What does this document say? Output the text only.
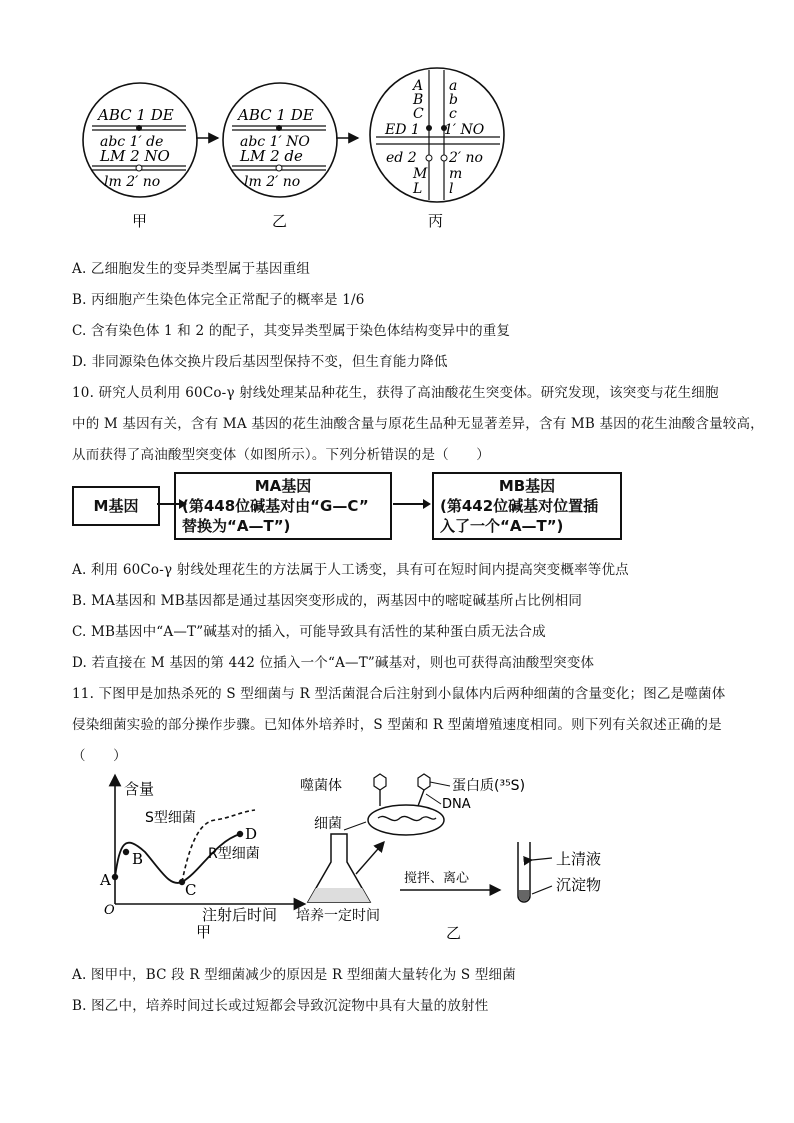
ABC 1 DE
abc 1′ de
LM 2 NO
lm 2′ no
ABC 1 DE
abc 1′ NO
LM 2 de
lm 2′ no
A
B
C
a
b
c
ED 1 1′ NO
ed 2 2′ no
M
L
m
l
甲	乙	丙
A. 乙细胞发生的变异类型属于基因重组
B. 丙细胞产生染色体完全正常配子的概率是 1/6
C. 含有染色体 1 和 2 的配子，其变异类型属于染色体结构变异中的重复
D. 非同源染色体交换片段后基因型保持不变，但生育能力降低
10. 研究人员利用 60Co-γ 射线处理某品种花生，获得了高油酸花生突变体。研究发现，该突变与花生细胞
中的 M 基因有关，含有 MA 基因的花生油酸含量与原花生品种无显著差异，含有 MB 基因的花生油酸含量较高，
从而获得了高油酸型突变体（如图所示）。下列分析错误的是（　　）
M基因
MA基因
(第448位碱基对由“G—C”
替换为“A—T”)
MB基因
(第442位碱基对位置插
入了一个“A—T”)
A. 利用 60Co-γ 射线处理花生的方法属于人工诱变，具有可在短时间内提高突变概率等优点
B. MA基因和 MB基因都是通过基因突变形成的，两基因中的嘧啶碱基所占比例相同
C. MB基因中“A—T”碱基对的插入，可能导致具有活性的某种蛋白质无法合成
D. 若直接在 M 基因的第 442 位插入一个“A—T”碱基对，则也可获得高油酸型突变体
11. 下图甲是加热杀死的 S 型细菌与 R 型活菌混合后注射到小鼠体内后两种细菌的含量变化；图乙是噬菌体
侵染细菌实验的部分操作步骤。已知体外培养时，S 型菌和 R 型菌增殖速度相同。则下列有关叙述正确的是
（　　）
含量
O	注射后时间
A
B
C
D
S型细菌
R型细菌
甲
噬菌体
细菌
蛋白质(³⁵S)
DNA
培养一定时间
搅拌、离心
上清液
沉淀物
乙
A. 图甲中，BC 段 R 型细菌减少的原因是 R 型细菌大量转化为 S 型细菌
B. 图乙中，培养时间过长或过短都会导致沉淀物中具有大量的放射性
